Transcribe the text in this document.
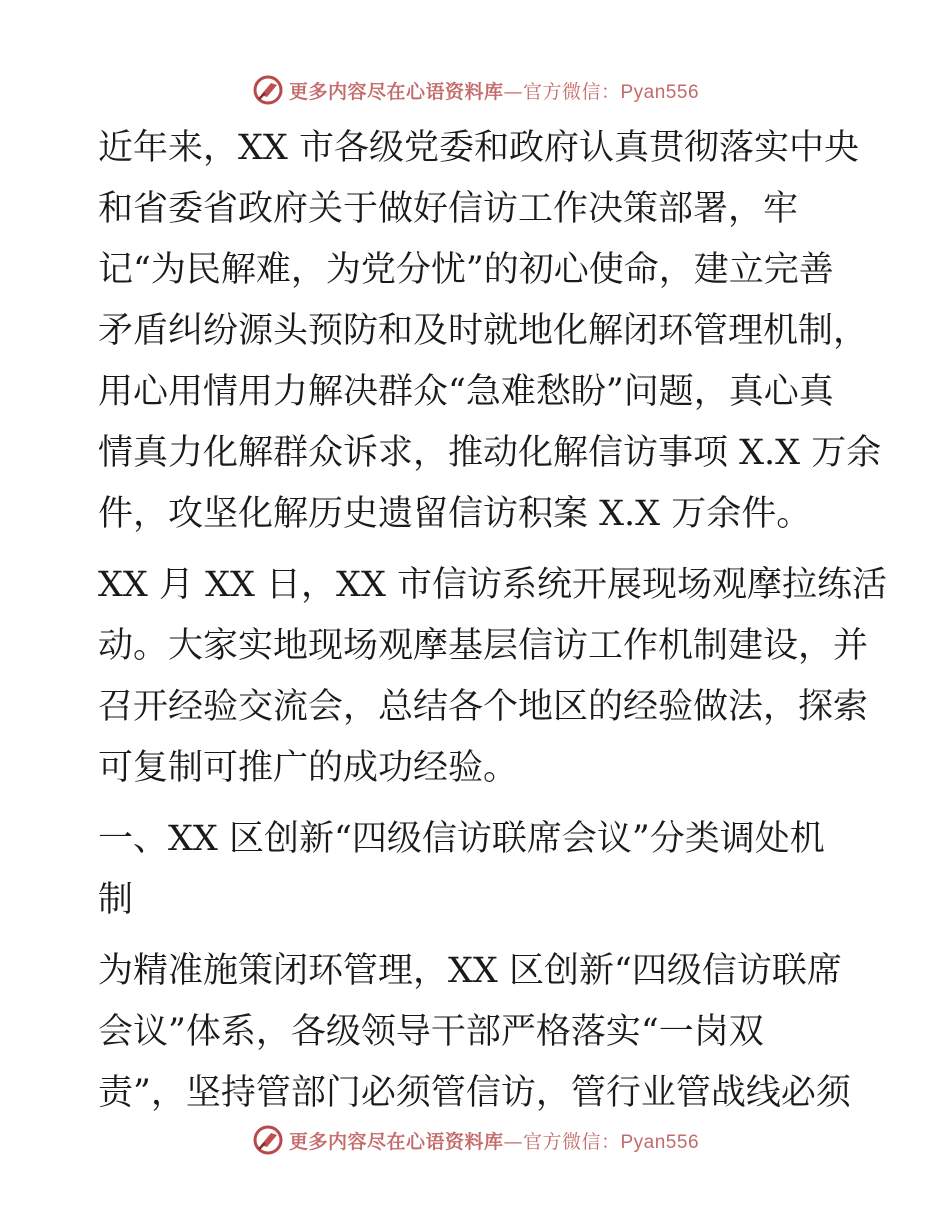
更多内容尽在心语资料库—官方微信：Pyan556
近年来，XX 市各级党委和政府认真贯彻落实中央
和省委省政府关于做好信访工作决策部署，牢
记“为民解难，为党分忧”的初心使命，建立完善
矛盾纠纷源头预防和及时就地化解闭环管理机制，
用心用情用力解决群众“急难愁盼”问题，真心真
情真力化解群众诉求，推动化解信访事项 X.X 万余
件，攻坚化解历史遗留信访积案 X.X 万余件。
XX 月 XX 日，XX 市信访系统开展现场观摩拉练活
动。大家实地现场观摩基层信访工作机制建设，并
召开经验交流会，总结各个地区的经验做法，探索
可复制可推广的成功经验。
一、XX 区创新“四级信访联席会议”分类调处机
制
为精准施策闭环管理，XX 区创新“四级信访联席
会议”体系，各级领导干部严格落实“一岗双
责”，坚持管部门必须管信访，管行业管战线必须
更多内容尽在心语资料库—官方微信：Pyan556
